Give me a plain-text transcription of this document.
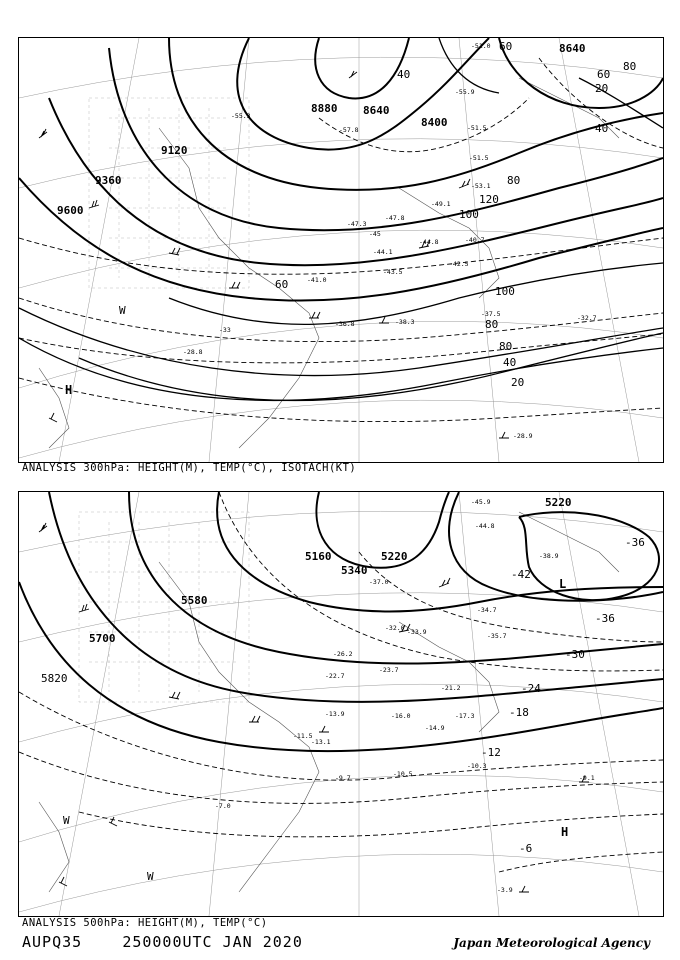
8640
8880 8640
8400
9120
9360
9600
60
80
60
40
20
40
80
100
120
100
80
60
80
40
20
-51.0
-55.9
-55.3
-57.8	-51.5
-53.1
-51.5
-47.3
-45
-44.8
-44.1
-43.5
-42.5
-41.0
-37.5
-38.3
-36.8
-33
-32.7
-28.9
-28.8
-47.8
-49.1
-40.7
W
H
ANALYSIS 300hPa: HEIGHT(M), TEMP(°C), ISOTACH(KT)
5220
5160
5340
5220
5580
5700
5820
-36
-42
-36
-30
-24
-18
-12
-6
-45.9
-44.8
-38.9
-37.0
-34.7
-35.7
-33.9
-32.0
-26.2
-23.7
-22.7
-21.2
-17.3
-16.0
-14.9
-13.9
-13.1
-11.5
-10.5
-10.3
-9.7	-9.1
-7.0
-3.9
L
H
W
W
ANALYSIS 500hPa: HEIGHT(M), TEMP(°C)
AUPQ35	250000UTC JAN 2020	Japan Meteorological Agency
